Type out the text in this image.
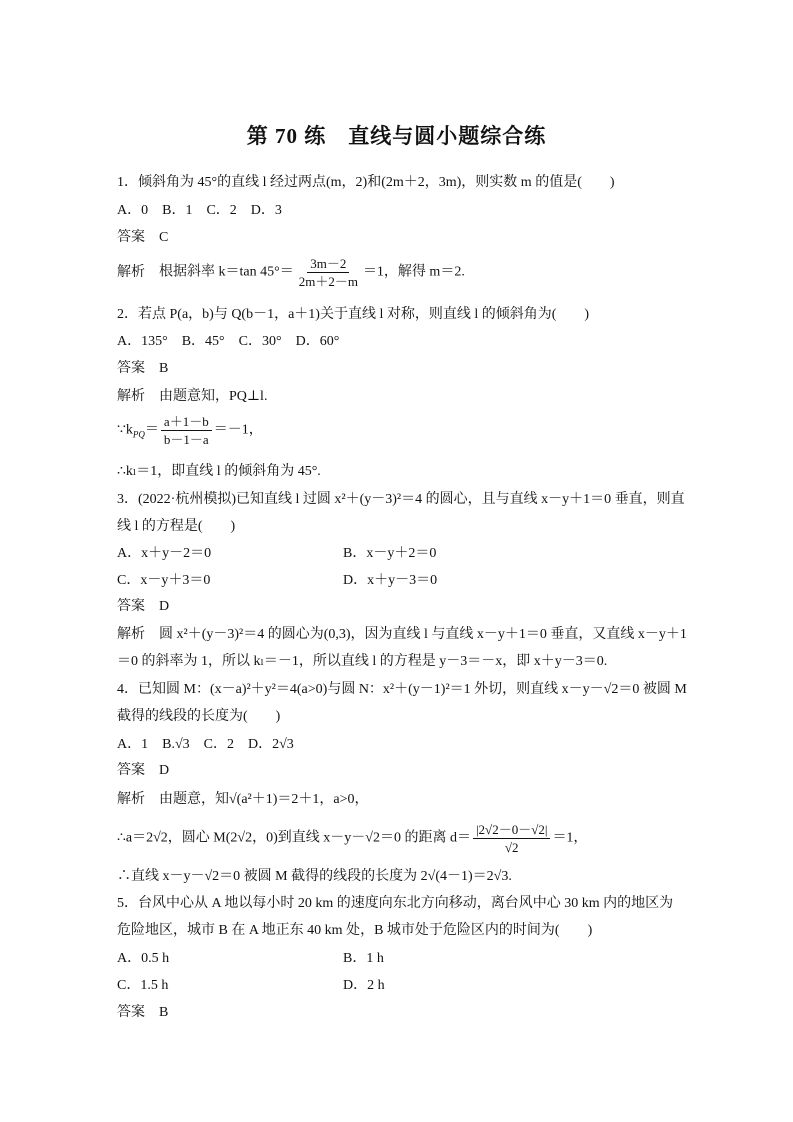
第 70 练　直线与圆小题综合练
1．倾斜角为 45°的直线 l 经过两点(m，2)和(2m＋2，3m)，则实数 m 的值是(　　)
A．0　B．1　C．2　D．3
答案 C
解析 根据斜率 k＝tan $45^\circ= \frac{3m-2}{2m+2-m} =1$，解得 m＝2.
2．若点 P(a，b)与 Q(b－1，a＋1)关于直线 l 对称，则直线 l 的倾斜角为(　　)
A．135°　B．45°　C．30°　D．60°
答案 B
解析 由题意知，PQ⊥l.
$\because k_{PQ}= \frac{a+1-b}{b-1-a} =-1$，
∴kₗ＝1，即直线 l 的倾斜角为 45°.
3．(2022·杭州模拟)已知直线 l 过圆 x²＋(y－3)²＝4 的圆心，且与直线 x－y＋1＝0 垂直，则直
线 l 的方程是(　　)
A．x＋y－2＝0	B．x－y＋2＝0
C．x－y＋3＝0	D．x＋y－3＝0
答案 D
解析 圆 x²＋(y－3)²＝4 的圆心为(0,3)，因为直线 l 与直线 x－y＋1＝0 垂直，又直线 x－y＋1
＝0 的斜率为 1，所以 kₗ＝－1，所以直线 l 的方程是 y－3＝－x，即 x＋y－3＝0.
4．已知圆 M：(x－a)²＋y²＝4(a>0)与圆 N：x²＋(y－1)²＝1 外切，则直线 x－y－√2＝0 被圆 M
截得的线段的长度为(　　)
A．1　B.√3　C．2　D．2√3
答案 D
解析 由题意，知√(a²＋1)＝2＋1，a>0，
∴a＝2√2，圆心 M(2√2，0)到直线 x－y－√2＝0 的距离 $d= \frac{|2√2-0-√2|}{√2} =1$，
∴直线 x－y－√2＝0 被圆 M 截得的线段的长度为 2√(4－1)＝2√3.
5．台风中心从 A 地以每小时 20 km 的速度向东北方向移动，离台风中心 30 km 内的地区为
危险地区，城市 B 在 A 地正东 40 km 处，B 城市处于危险区内的时间为(　　)
A．0.5 h	B．1 h
C．1.5 h	D．2 h
答案 B
